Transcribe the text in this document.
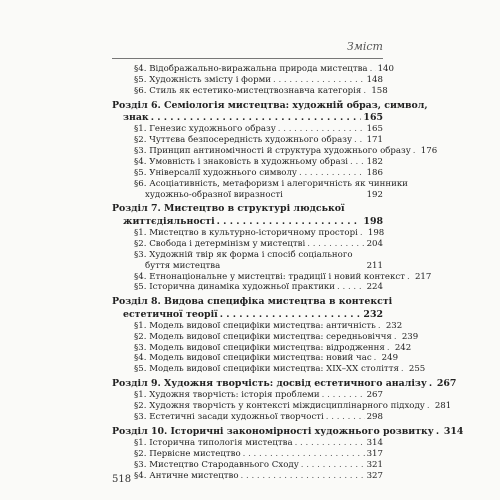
Зміст
§4. Відображально-виражальна природа мистецтва . . . 140
§5. Художність змісту і форми . . .	148
§6. Стиль як естетико-мистецтвознавча категорія . . . 158
Розділ 6. Семіологія мистецтва: художній образ, символ,
знак . . .	165
§1. Генезис художнього образу . . .	165
§2. Чуттєва безпосередність художнього образу . . . 171
§3. Принцип антиномічності й структура художнього образу . . . 176
§4. Умовність і знаковість в художньому образі . . . 182
§5. Універсалії художнього символу . . .	186
§6. Асоціативність, метафоризм і алегоричність як чинники
художньо-образної виразності	192
Розділ 7. Мистецтво в структурі людської
життєдіяльності . . .	198
§1. Мистецтво в культурно-історичному просторі . . . 198
§2. Свобода і детермінізм у мистецтві . . .	204
§3. Художній твір як форма і спосіб соціального
буття мистецтва	211
§4. Етнонаціональне у мистецтві: традиції і новий контекст . . . 217
§5. Історична динаміка художньої практики . . .	224
Розділ 8. Видова специфіка мистецтва в контексті
естетичної теорії . . .	232
§1. Модель видової специфіки мистецтва: античність . . . 232
§2. Модель видової специфіки мистецтва: середньовіччя . . . 239
§3. Модель видової специфіки мистецтва: відродження . . . 242
§4. Модель видової специфіки мистецтва: новий час . . . 249
§5. Модель видової специфіки мистецтва: XIX–XX століття . . . 255
Розділ 9. Художня творчість: досвід естетичного аналізу . . . 267
§1. Художня творчість: історія проблеми . . .	267
§2. Художня творчість у контексті міждисциплінарного підходу . . . 281
§3. Естетичні засади художньої творчості . . .	298
Розділ 10. Історичні закономірності художнього розвитку . . . 314
§1. Історична типологія мистецтва . . .	314
§2. Первісне мистецтво . . .	317
§3. Мистецтво Стародавнього Сходу . . .	321
§4. Античне мистецтво . . .	327
518
